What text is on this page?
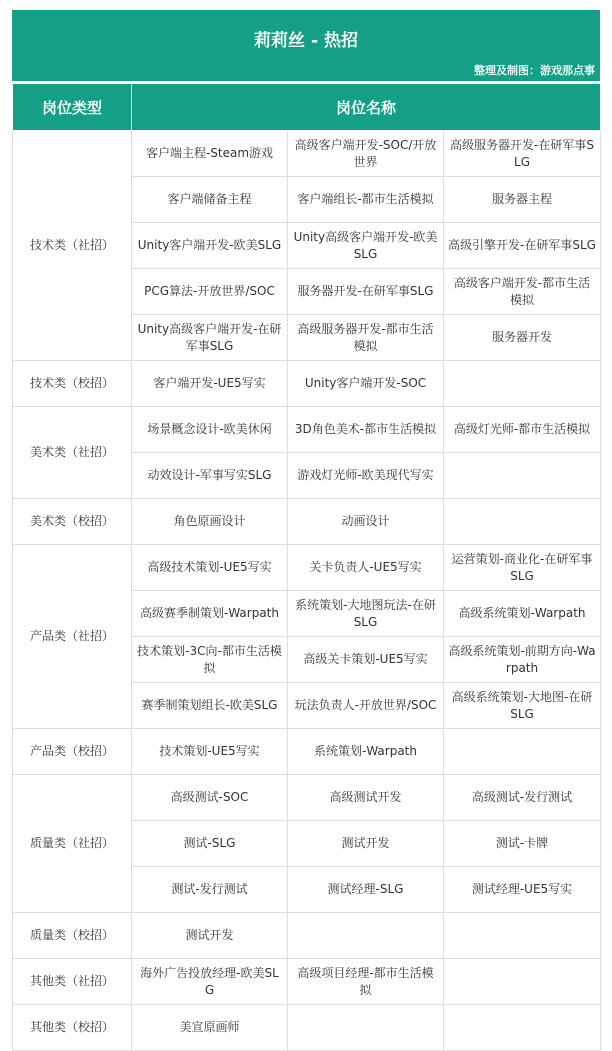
莉莉丝 - 热招
整理及制图：游戏那点事
岗位类型	岗位名称		
技术类（社招）	客户端主程-Steam游戏	高级客户端开发-SOC/开放世界	高级服务器开发-在研军事SLG
	客户端储备主程	客户端组长-都市生活模拟	服务器主程
	Unity客户端开发-欧美SLG	Unity高级客户端开发-欧美SLG	高级引擎开发-在研军事SLG
	PCG算法-开放世界/SOC	服务器开发-在研军事SLG	高级客户端开发-都市生活模拟
	Unity高级客户端开发-在研军事SLG	高级服务器开发-都市生活模拟	服务器开发
技术类（校招）	客户端开发-UE5写实	Unity客户端开发-SOC	
美术类（社招）	场景概念设计-欧美休闲	3D角色美术-都市生活模拟	高级灯光师-都市生活模拟
	动效设计-军事写实SLG	游戏灯光师-欧美现代写实	
美术类（校招）	角色原画设计	动画设计	
产品类（社招）	高级技术策划-UE5写实	关卡负责人-UE5写实	运营策划-商业化-在研军事SLG
	高级赛季制策划-Warpath	系统策划-大地图玩法-在研SLG	高级系统策划-Warpath
	技术策划-3C向-都市生活模拟	高级关卡策划-UE5写实	高级系统策划-前期方向-Warpath
	赛季制策划组长-欧美SLG	玩法负责人-开放世界/SOC	高级系统策划-大地图-在研SLG
产品类（校招）	技术策划-UE5写实	系统策划-Warpath	
质量类（社招）	高级测试-SOC	高级测试开发	高级测试-发行测试
	测试-SLG	测试开发	测试-卡牌
	测试-发行测试	测试经理-SLG	测试经理-UE5写实
质量类（校招）	测试开发		
其他类（社招）	海外广告投放经理-欧美SLG	高级项目经理-都市生活模拟	
其他类（校招）	美宣原画师		
